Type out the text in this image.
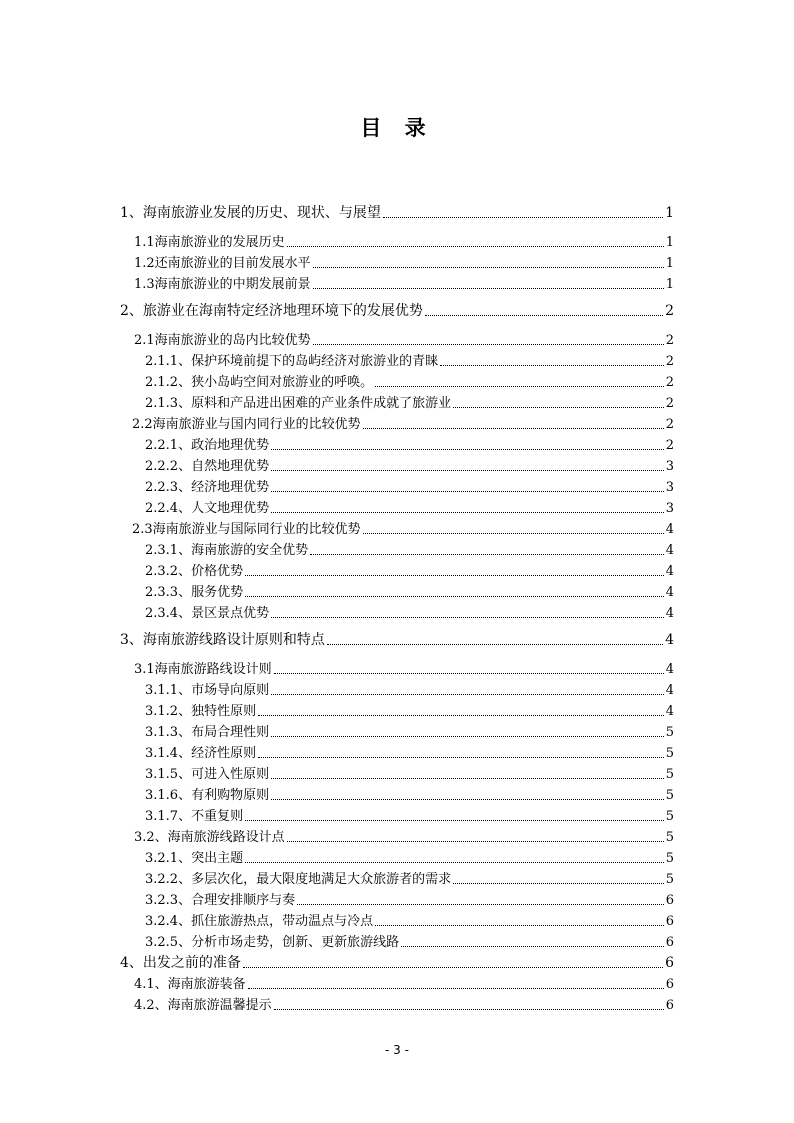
目 录
1、海南旅游业发展的历史、现状、与展望	1
1.1海南旅游业的发展历史	1
1.2还南旅游业的目前发展水平	1
1.3海南旅游业的中期发展前景	1
2、旅游业在海南特定经济地理环境下的发展优势	2
2.1海南旅游业的岛内比较优势	2
2.1.1、保护环境前提下的岛屿经济对旅游业的青睐	2
2.1.2、狭小岛屿空间对旅游业的呼唤。	2
2.1.3、原料和产品进出困难的产业条件成就了旅游业	2
2.2海南旅游业与国内同行业的比较优势	2
2.2.1、政治地理优势	2
2.2.2、自然地理优势	3
2.2.3、经济地理优势	3
2.2.4、人文地理优势	3
2.3海南旅游业与国际同行业的比较优势	4
2.3.1、海南旅游的安全优势	4
2.3.2、价格优势	4
2.3.3、服务优势	4
2.3.4、景区景点优势	4
3、海南旅游线路设计原则和特点	4
3.1海南旅游路线设计则	4
3.1.1、市场导向原则	4
3.1.2、独特性原则	4
3.1.3、布局合理性则	5
3.1.4、经济性原则	5
3.1.5、可进入性原则	5
3.1.6、有利购物原则	5
3.1.7、不重复则	5
3.2、海南旅游线路设计点	5
3.2.1、突出主题	5
3.2.2、多层次化，最大限度地满足大众旅游者的需求	5
3.2.3、合理安排顺序与奏	6
3.2.4、抓住旅游热点，带动温点与冷点	6
3.2.5、分析市场走势，创新、更新旅游线路	6
4、出发之前的准备	6
4.1、海南旅游装备	6
4.2、海南旅游温馨提示	6
- 3 -
